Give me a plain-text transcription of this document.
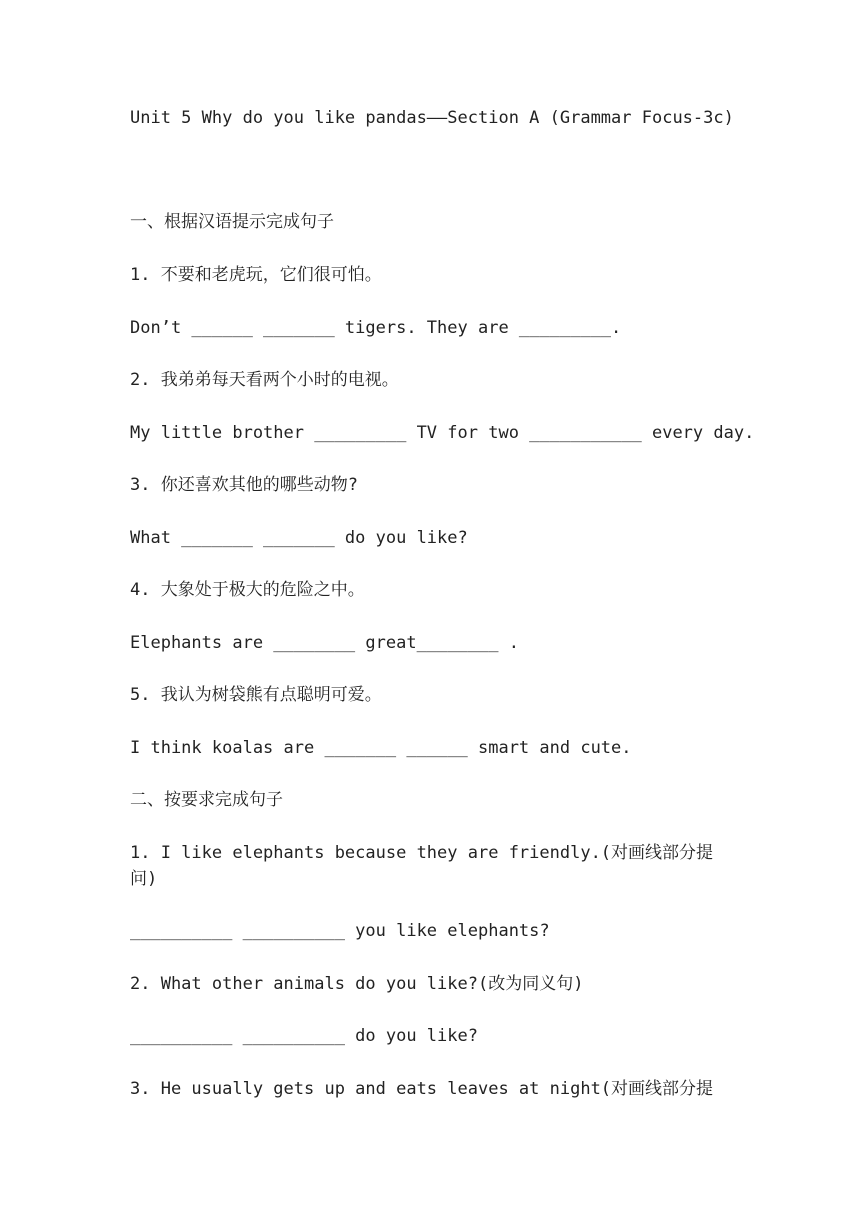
Unit 5 Why do you like pandas——Section A (Grammar Focus-3c)
一、根据汉语提示完成句子
1. 不要和老虎玩，它们很可怕。
Don’t ______ _______ tigers. They are _________.
2. 我弟弟每天看两个小时的电视。
My little brother _________ TV for two ___________ every day.
3. 你还喜欢其他的哪些动物?
What _______ _______ do you like?
4. 大象处于极大的危险之中。
Elephants are ________ great________ .
5. 我认为树袋熊有点聪明可爱。
I think koalas are _______ ______ smart and cute.
二、按要求完成句子
1. I like elephants because they are friendly.(对画线部分提问)
__________ __________ you like elephants?
2. What other animals do you like?(改为同义句)
__________ __________ do you like?
3. He usually gets up and eats leaves at night(对画线部分提
